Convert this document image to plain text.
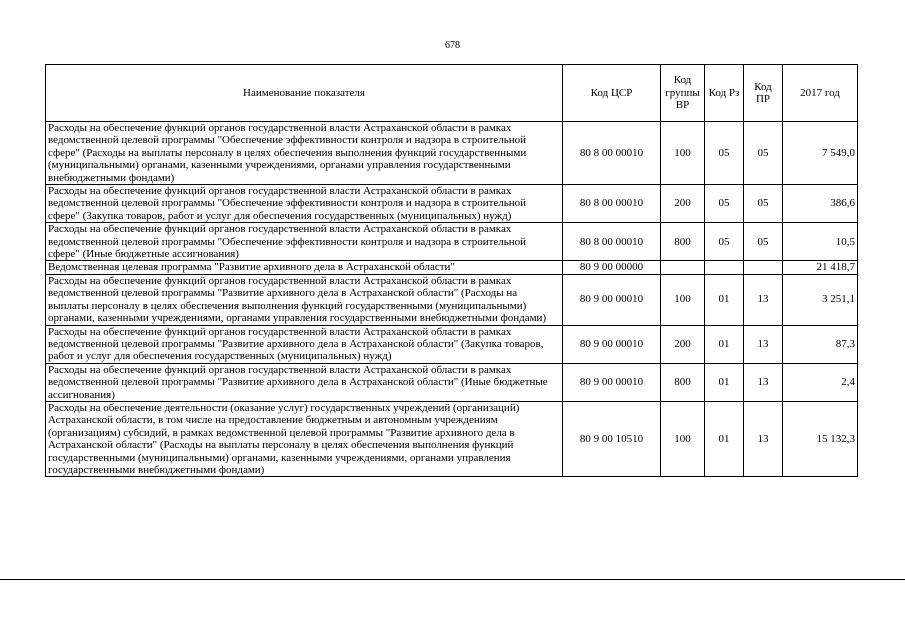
678
Наименование показателя	Код ЦСР	Код группы ВР	Код Рз	Код ПР	2017 год
Расходы на обеспечение функций органов государственной власти Астраханской области в рамках ведомственной целевой программы "Обеспечение эффективности контроля и надзора в строительной сфере" (Расходы на выплаты персоналу в целях обеспечения выполнения функций государственными (муниципальными) органами, казенными учреждениями, органами управления государственными внебюджетными фондами)	80 8 00 00010	100	05	05	7 549,0
Расходы на обеспечение функций органов государственной власти Астраханской области в рамках ведомственной целевой программы "Обеспечение эффективности контроля и надзора в строительной сфере" (Закупка товаров, работ и услуг для обеспечения государственных (муниципальных) нужд)	80 8 00 00010	200	05	05	386,6
Расходы на обеспечение функций органов государственной власти Астраханской области в рамках ведомственной целевой программы "Обеспечение эффективности контроля и надзора в строительной сфере" (Иные бюджетные ассигнования)	80 8 00 00010	800	05	05	10,5
Ведомственная целевая программа "Развитие архивного дела в Астраханской области"	80 9 00 00000				21 418,7
Расходы на обеспечение функций органов государственной власти Астраханской области в рамках ведомственной целевой программы "Развитие архивного дела в Астраханской области" (Расходы на выплаты персоналу в целях обеспечения выполнения функций государственными (муниципальными) органами, казенными учреждениями, органами управления государственными внебюджетными фондами)	80 9 00 00010	100	01	13	3 251,1
Расходы на обеспечение функций органов государственной власти Астраханской области в рамках ведомственной целевой программы "Развитие архивного дела в Астраханской области" (Закупка товаров, работ и услуг для обеспечения государственных (муниципальных) нужд)	80 9 00 00010	200	01	13	87,3
Расходы на обеспечение функций органов государственной власти Астраханской области в рамках ведомственной целевой программы "Развитие архивного дела в Астраханской области" (Иные бюджетные ассигнования)	80 9 00 00010	800	01	13	2,4
Расходы на обеспечение деятельности (оказание услуг) государственных учреждений (организаций) Астраханской области, в том числе на предоставление бюджетным и автономным учреждениям (организациям) субсидий, в рамках ведомственной целевой программы "Развитие архивного дела в Астраханской области" (Расходы на выплаты персоналу в целях обеспечения выполнения функций государственными (муниципальными) органами, казенными учреждениями, органами управления государственными внебюджетными фондами)	80 9 00 10510	100	01	13	15 132,3
